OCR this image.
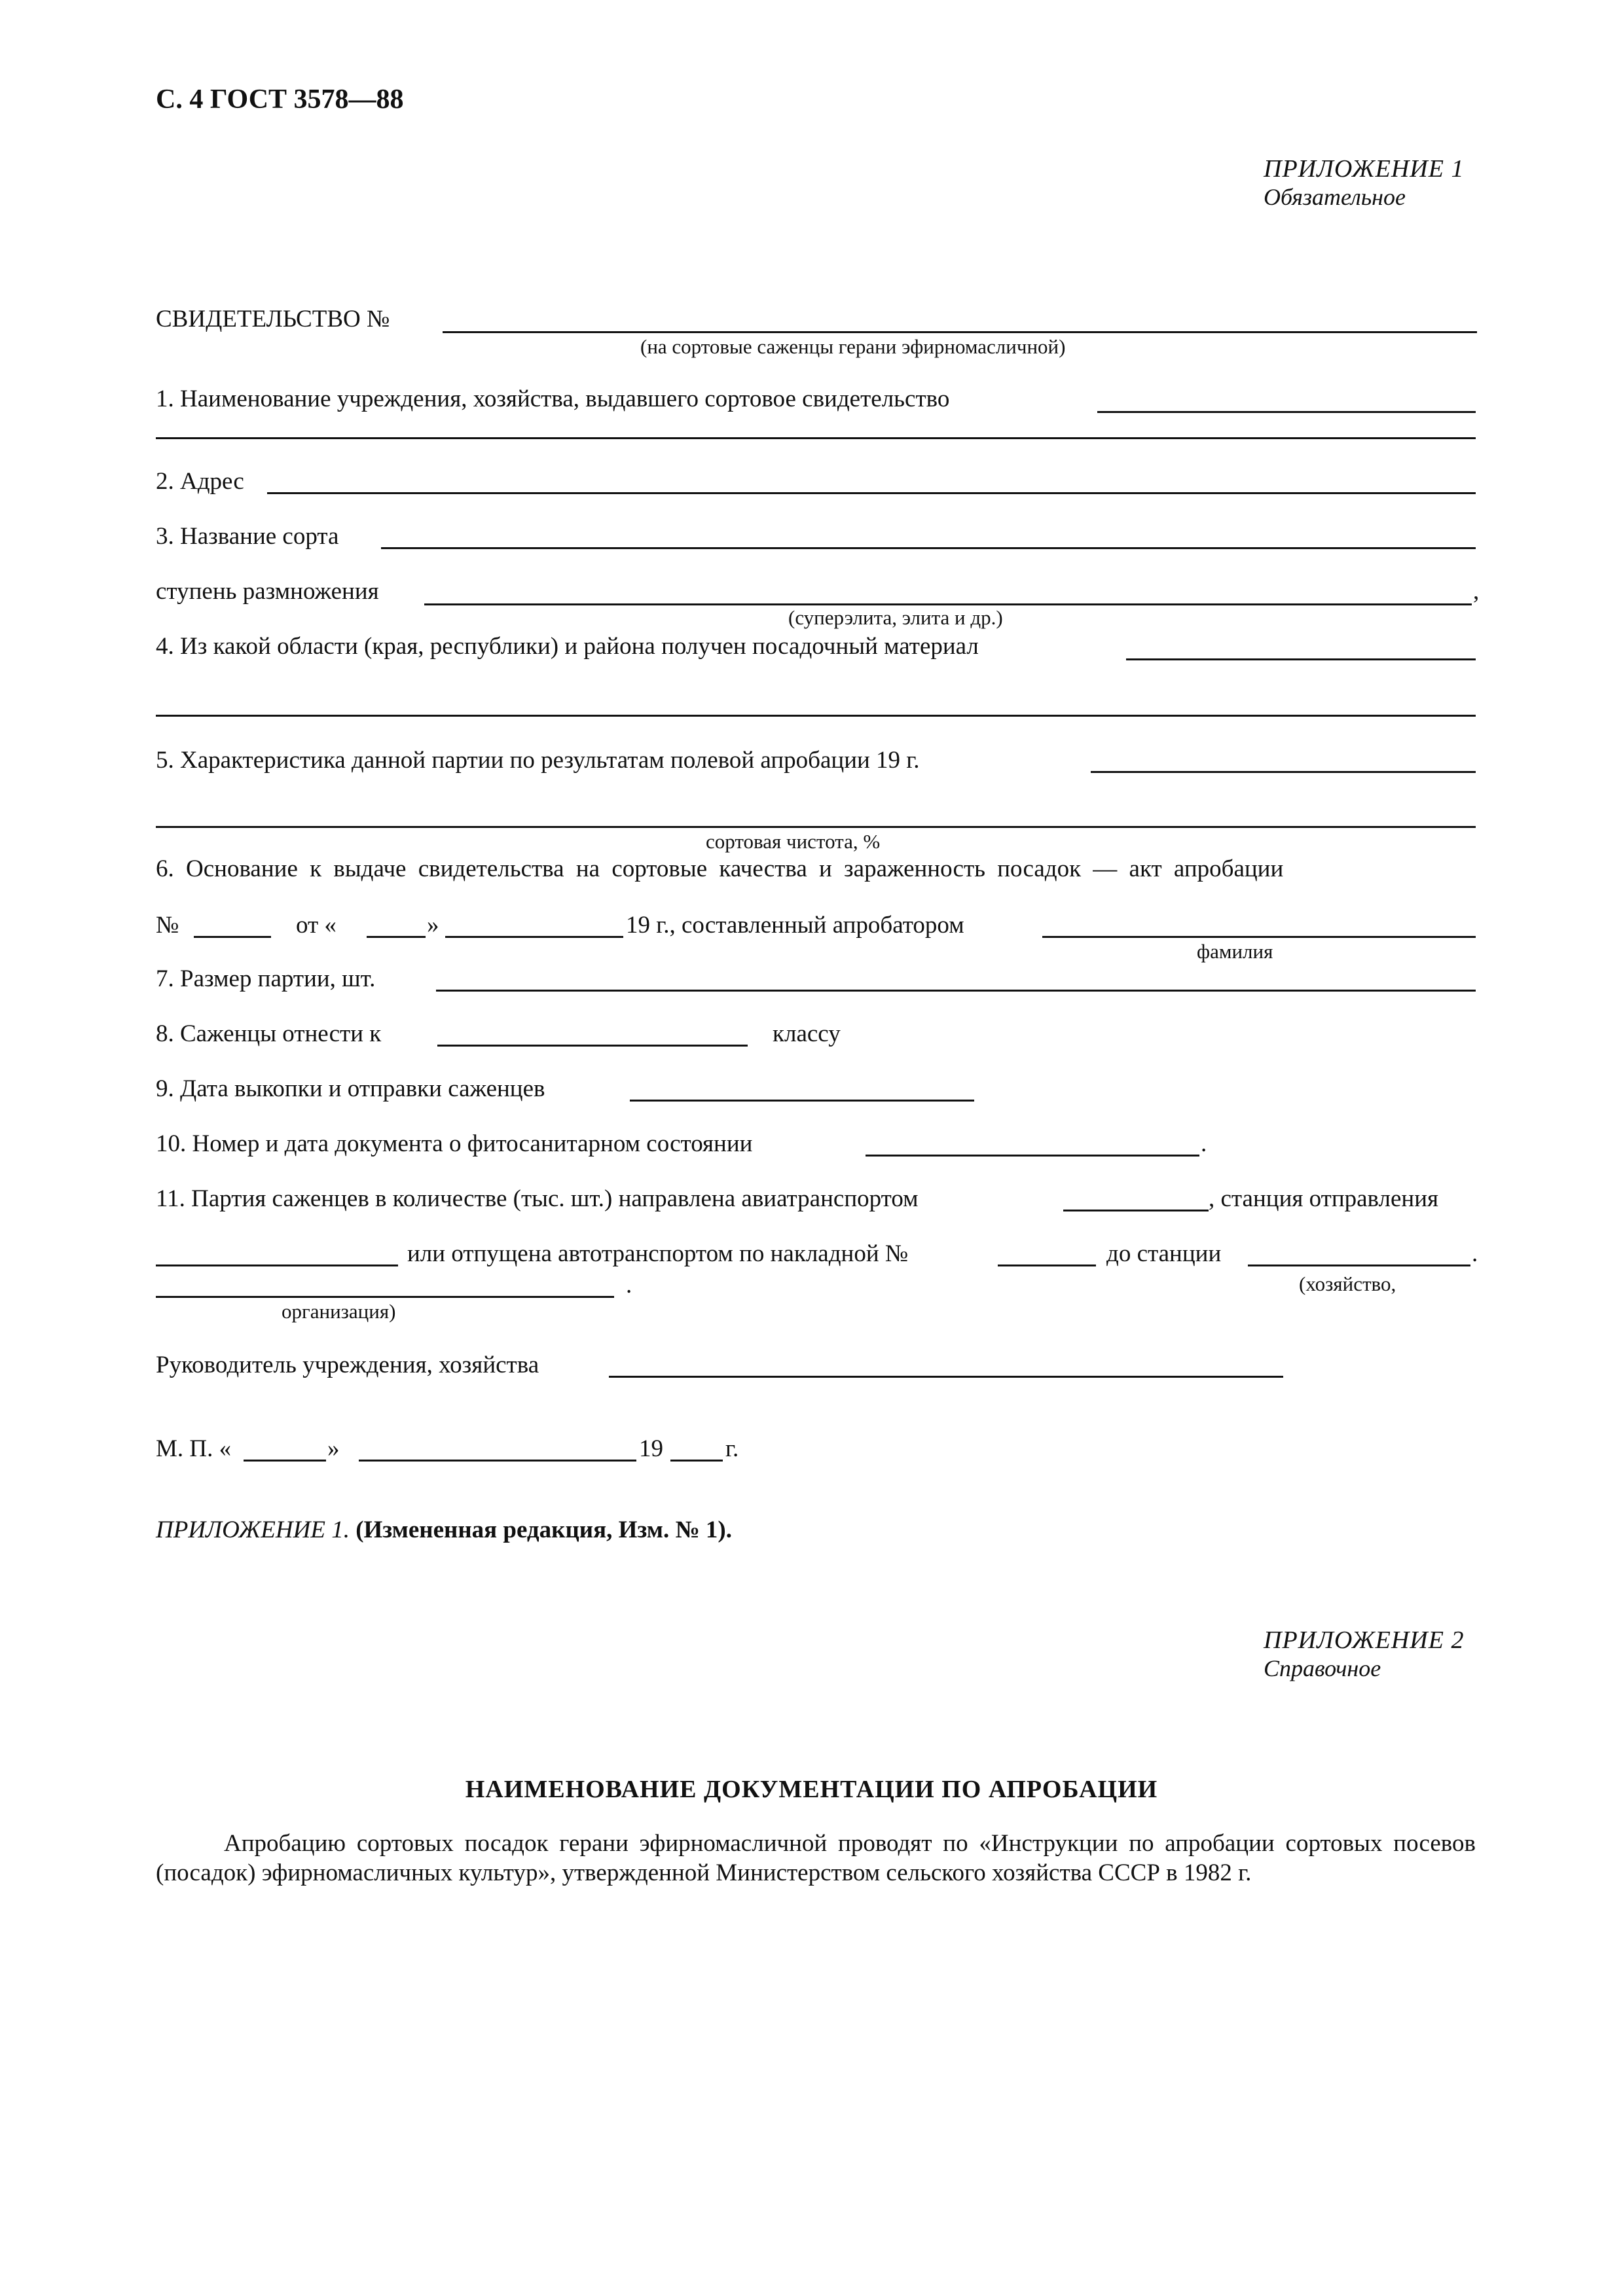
С. 4 ГОСТ 3578—88
ПРИЛОЖЕНИЕ 1
Обязательное
СВИДЕТЕЛЬСТВО №
(на сортовые саженцы герани эфирномасличной)
1. Наименование учреждения, хозяйства, выдавшего сортовое свидетельство
2. Адрес
3. Название сорта
ступень размножения	,
(суперэлита, элита и др.)
4. Из какой области (края, республики) и района получен посадочный материал
5. Характеристика данной партии по результатам полевой апробации 19 г.
сортовая чистота, %
6. Основание к выдаче свидетельства на сортовые качества и зараженность посадок — акт апробации
№	от «	»	19 г., составленный апробатором
фамилия
7. Размер партии, шт.
8. Саженцы отнести к	классу
9. Дата выкопки и отправки саженцев
10. Номер и дата документа о фитосанитарном состоянии	.
11. Партия саженцев в количестве (тыс. шт.) направлена авиатранспортом	, станция отправления
или отпущена автотранспортом по накладной №	до станции	.
.	(хозяйство,
организация)
Руководитель учреждения, хозяйства
М. П. «	»	19	г.
ПРИЛОЖЕНИЕ 1. (Измененная редакция, Изм. № 1).
ПРИЛОЖЕНИЕ 2
Справочное
НАИМЕНОВАНИЕ ДОКУМЕНТАЦИИ ПО АПРОБАЦИИ
Апробацию сортовых посадок герани эфирномасличной проводят по «Инструкции по апробации сортовых посевов (посадок) эфирномасличных культур», утвержденной Министерством сельского хозяйства СССР в 1982 г.
